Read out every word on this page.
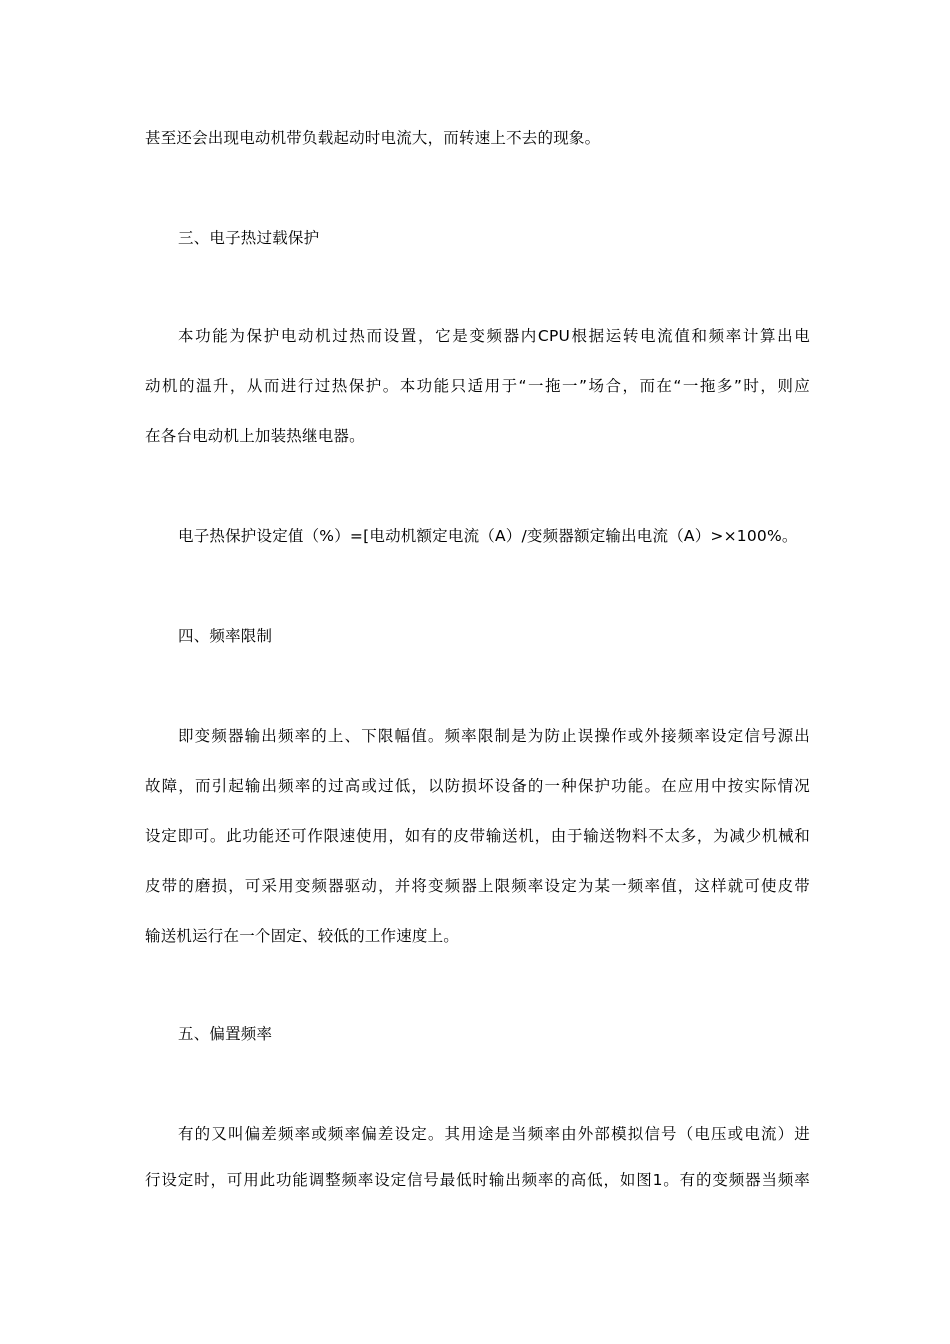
甚至还会出现电动机带负载起动时电流大，而转速上不去的现象。
三、电子热过载保护
本功能为保护电动机过热而设置，它是变频器内CPU根据运转电流值和频率计算出电
动机的温升，从而进行过热保护。本功能只适用于“一拖一”场合，而在“一拖多”时，则应
在各台电动机上加装热继电器。
电子热保护设定值（%）=[电动机额定电流（A）/变频器额定输出电流（A）>×100%。
四、频率限制
即变频器输出频率的上、下限幅值。频率限制是为防止误操作或外接频率设定信号源出
故障，而引起输出频率的过高或过低，以防损坏设备的一种保护功能。在应用中按实际情况
设定即可。此功能还可作限速使用，如有的皮带输送机，由于输送物料不太多，为减少机械和
皮带的磨损，可采用变频器驱动，并将变频器上限频率设定为某一频率值，这样就可使皮带
输送机运行在一个固定、较低的工作速度上。
五、偏置频率
有的又叫偏差频率或频率偏差设定。其用途是当频率由外部模拟信号（电压或电流）进
行设定时，可用此功能调整频率设定信号最低时输出频率的高低，如图1。有的变频器当频率
